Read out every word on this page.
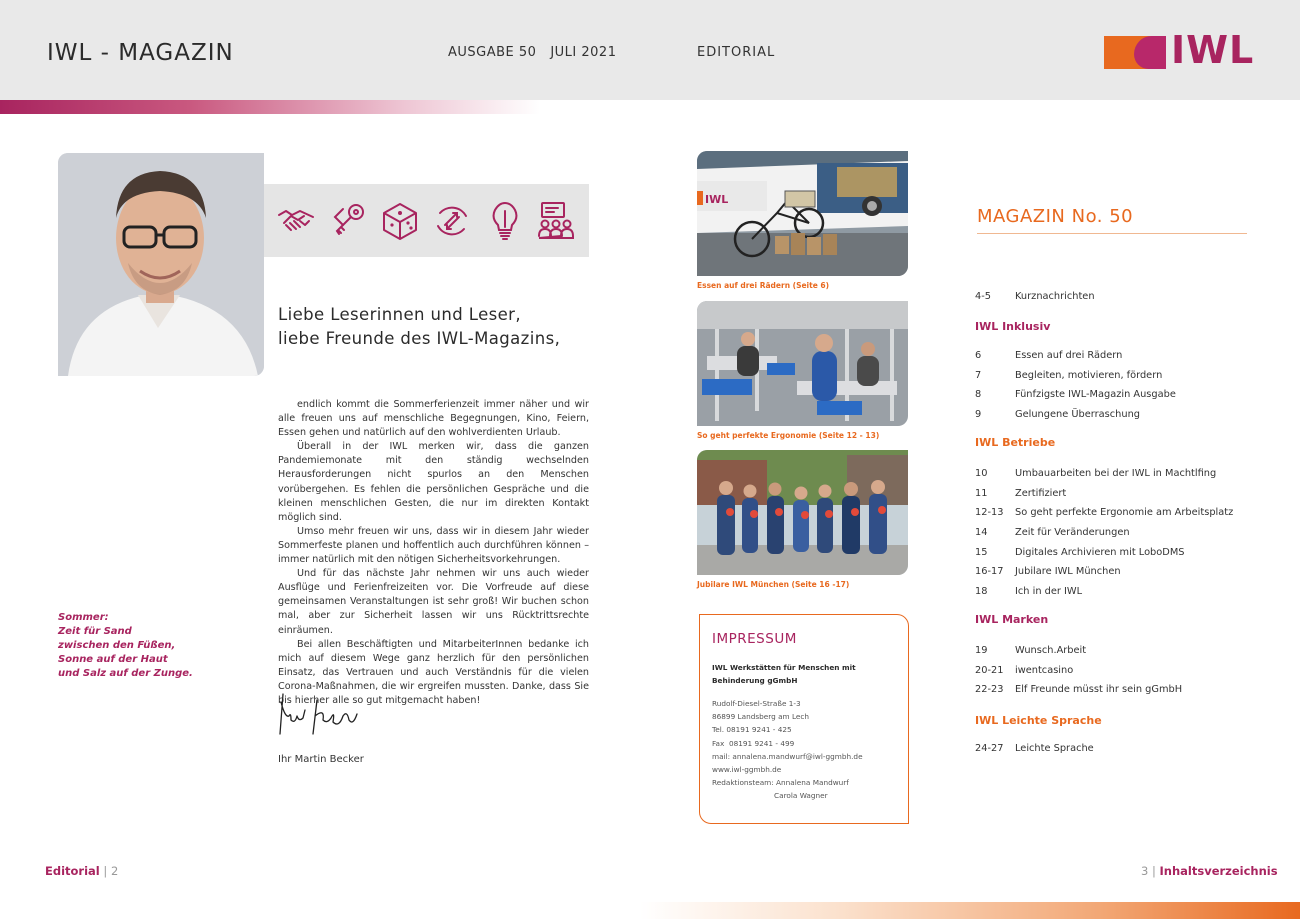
IWL - MAGAZIN	AUSGABE 50   JULI 2021	EDITORIAL	IWL
Liebe Leserinnen und Leser,
liebe Freunde des IWL-Magazins,

endlich kommt die Sommerferienzeit immer näher und wir alle freuen uns auf menschliche Begegnungen, Kino, Feiern, Essen gehen und natürlich auf den wohlverdienten Urlaub.

Überall in der IWL merken wir, dass die ganzen Pandemiemonate mit den ständig wechselnden Herausforderungen nicht spurlos an den Menschen vorübergehen. Es fehlen die persönlichen Gespräche und die kleinen menschlichen Gesten, die nur im direkten Kontakt möglich sind.

Umso mehr freuen wir uns, dass wir in diesem Jahr wieder Sommerfeste planen und hoffentlich auch durchführen können – immer natürlich mit den nötigen Sicherheitsvorkehrungen.

Und für das nächste Jahr nehmen wir uns auch wieder Ausflüge und Ferienfreizeiten vor. Die Vorfreude auf diese gemeinsamen Veranstaltungen ist sehr groß! Wir buchen schon mal, aber zur Sicherheit lassen wir uns Rücktrittsrechte einräumen.

Bei allen Beschäftigten und MitarbeiterInnen bedanke ich mich auf diesem Wege ganz herzlich für den persönlichen Einsatz, das Vertrauen und auch Verständnis für die vielen Corona-Maßnahmen, die wir ergreifen mussten. Danke, dass Sie bis hierher alle so gut mitgemacht haben!

Sommer:
Zeit für Sand
zwischen den Füßen,
Sonne auf der Haut
und Salz auf der Zunge.
Ihr Martin Becker
Editorial | 2
IWL
Essen auf drei Rädern (Seite 6)
So geht perfekte Ergonomie (Seite 12 - 13)
Jubilare IWL München (Seite 16 -17)
IMPRESSUM
IWL Werkstätten für Menschen mit
Behinderung gGmbH
Rudolf-Diesel-Straße 1-3
86899 Landsberg am Lech
Tel. 08191 9241 - 425
Fax  08191 9241 - 499
mail: annalena.mandwurf@iwl-ggmbh.de
www.iwl-ggmbh.de
Redaktionsteam: Annalena Mandwurf
Carola Wagner
MAGAZIN No. 50
4-5	Kurznachrichten
IWL Inklusiv
6	Essen auf drei Rädern
7	Begleiten, motivieren, fördern
8	Fünfzigste IWL-Magazin Ausgabe
9	Gelungene Überraschung
IWL Betriebe
10	Umbauarbeiten bei der IWL in Machtlfing
11	Zertifiziert
12-13	So geht perfekte Ergonomie am Arbeitsplatz
14	Zeit für Veränderungen
15	Digitales Archivieren mit LoboDMS
16-17	Jubilare IWL München
18	Ich in der IWL
IWL Marken
19	Wunsch.Arbeit
20-21	iwentcasino
22-23	Elf Freunde müsst ihr sein gGmbH
IWL Leichte Sprache
24-27	Leichte Sprache
3 | Inhaltsverzeichnis
